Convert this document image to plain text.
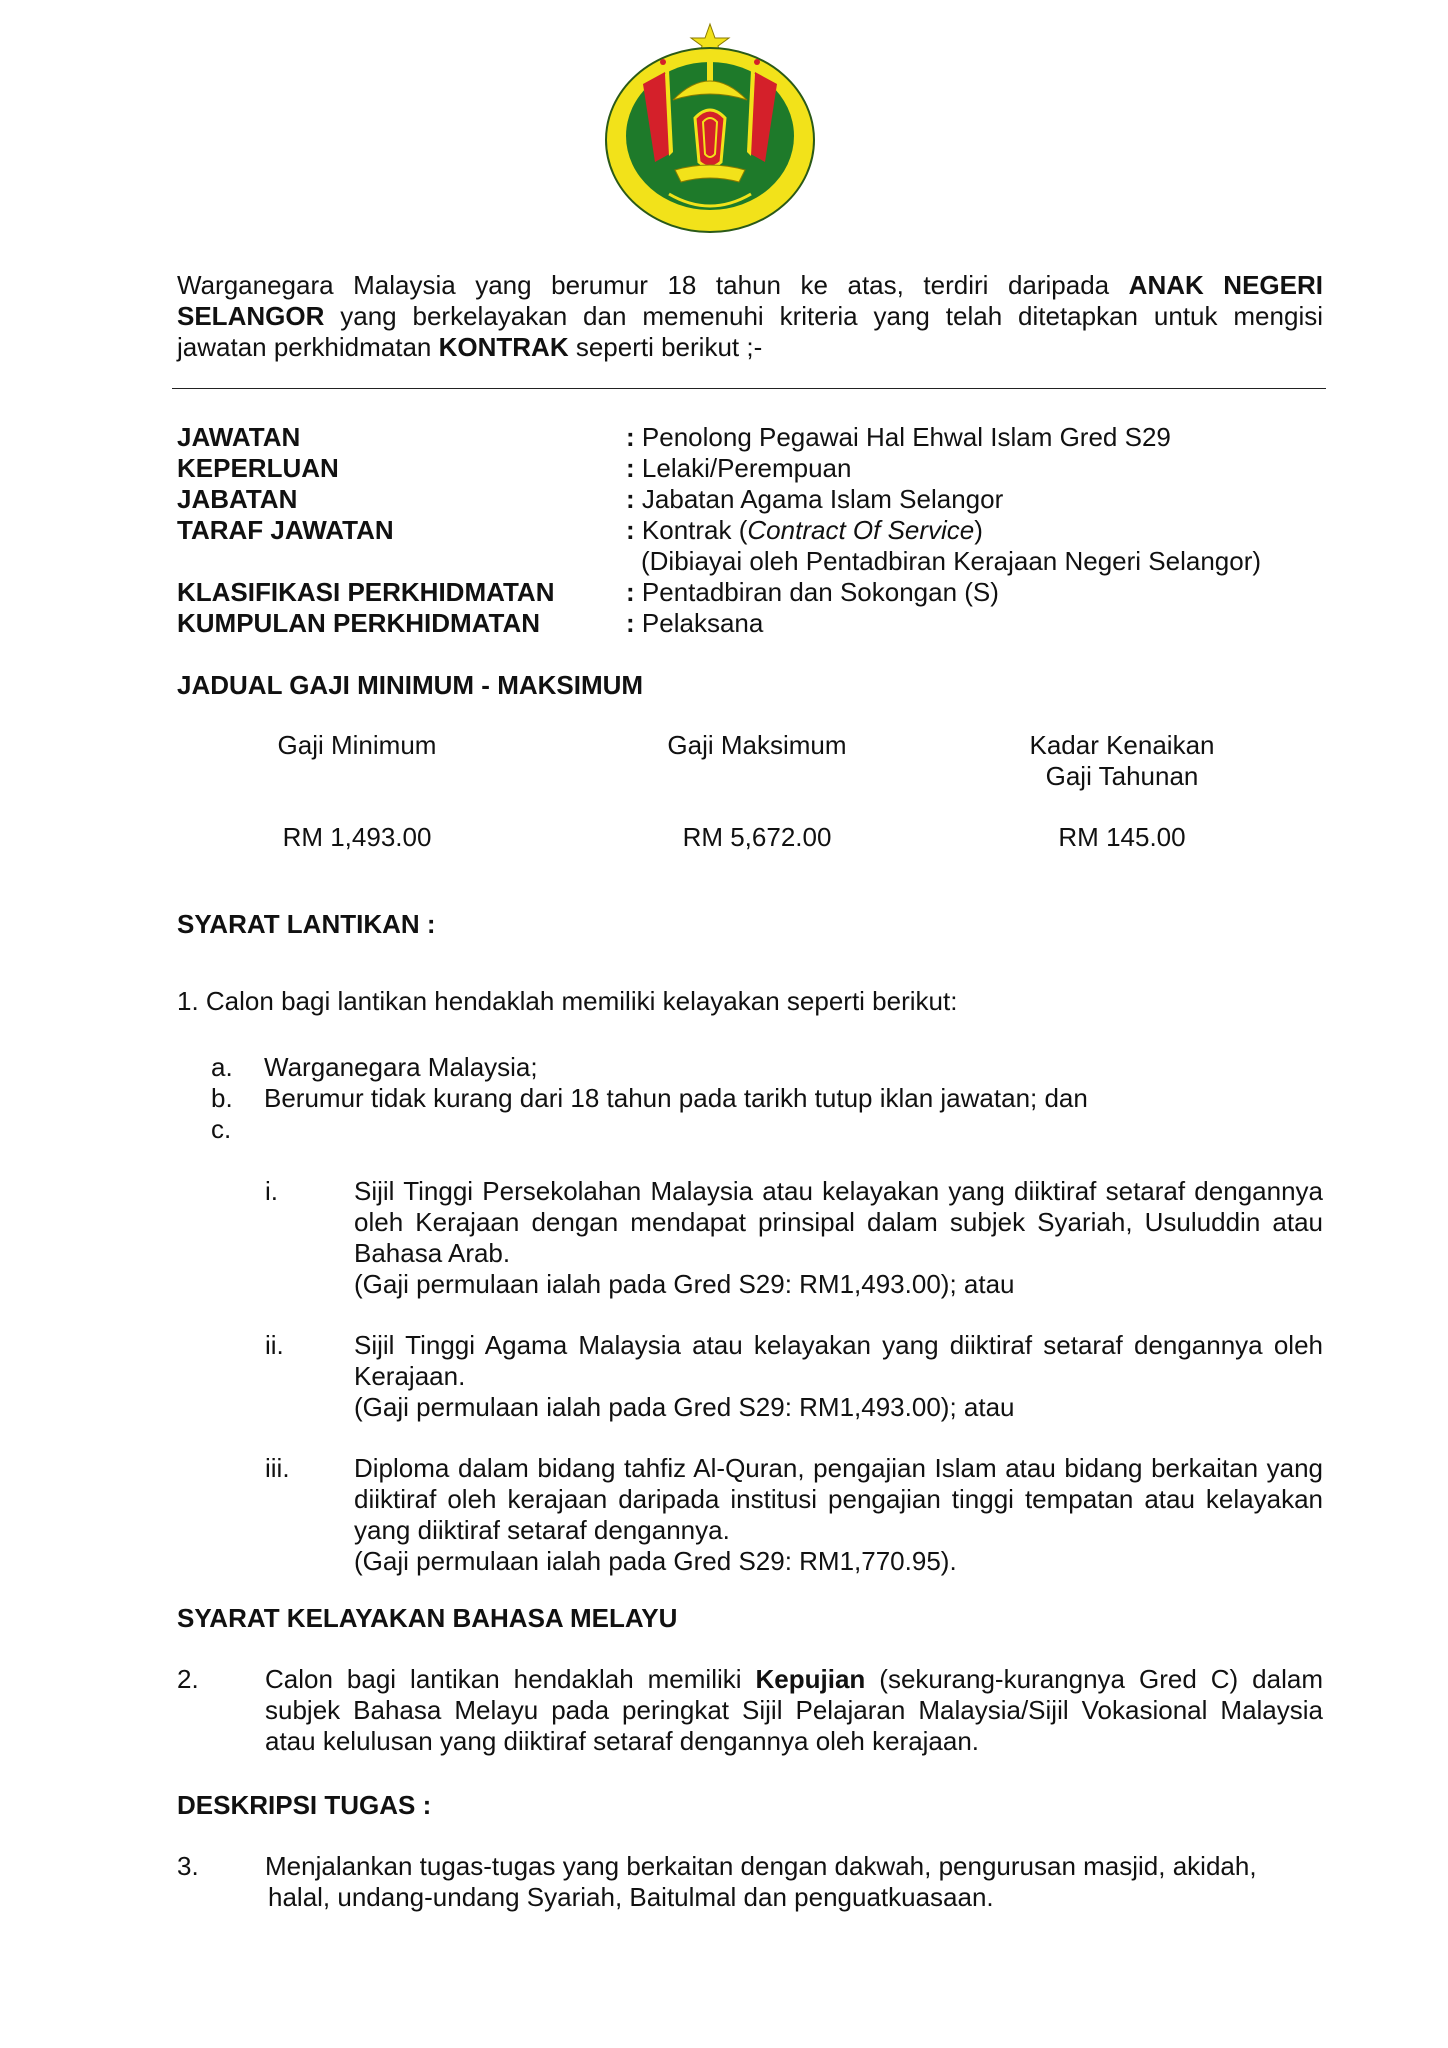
Warganegara Malaysia yang berumur 18 tahun ke atas, terdiri daripada ANAK NEGERI SELANGOR yang berkelayakan dan memenuhi kriteria yang telah ditetapkan untuk mengisi jawatan perkhidmatan KONTRAK seperti berikut ;-

JAWATAN	: Penolong Pegawai Hal Ehwal Islam Gred S29
KEPERLUAN	: Lelaki/Perempuan
JABATAN	: Jabatan Agama Islam Selangor
TARAF JAWATAN	: Kontrak (Contract Of Service)
(Dibiayai oleh Pentadbiran Kerajaan Negeri Selangor)
KLASIFIKASI PERKHIDMATAN	: Pentadbiran dan Sokongan (S)
KUMPULAN PERKHIDMATAN	: Pelaksana
JADUAL GAJI MINIMUM - MAKSIMUM
Gaji Minimum	Gaji Maksimum	Kadar Kenaikan
Gaji Tahunan
RM 1,493.00	RM 5,672.00	RM 145.00
SYARAT LANTIKAN :
1. Calon bagi lantikan hendaklah memiliki kelayakan seperti berikut:
a. Warganegara Malaysia;
b. Berumur tidak kurang dari 18 tahun pada tarikh tutup iklan jawatan; dan
c.
i.	Sijil Tinggi Persekolahan Malaysia atau kelayakan yang diiktiraf setaraf dengannya oleh Kerajaan dengan mendapat prinsipal dalam subjek Syariah, Usuluddin atau Bahasa Arab.

(Gaji permulaan ialah pada Gred S29: RM1,493.00); atau

ii.	Sijil Tinggi Agama Malaysia atau kelayakan yang diiktiraf setaraf dengannya oleh Kerajaan.

(Gaji permulaan ialah pada Gred S29: RM1,493.00); atau

iii. Diploma dalam bidang tahfiz Al-Quran, pengajian Islam atau bidang berkaitan yang diiktiraf oleh kerajaan daripada institusi pengajian tinggi tempatan atau kelayakan yang diiktiraf setaraf dengannya.

(Gaji permulaan ialah pada Gred S29: RM1,770.95).

SYARAT KELAYAKAN BAHASA MELAYU
2.	Calon bagi lantikan hendaklah memiliki Kepujian (sekurang-kurangnya Gred C) dalam subjek Bahasa Melayu pada peringkat Sijil Pelajaran Malaysia/Sijil Vokasional Malaysia atau kelulusan yang diiktiraf setaraf dengannya oleh kerajaan.
DESKRIPSI TUGAS :
3.	Menjalankan tugas-tugas yang berkaitan dengan dakwah, pengurusan masjid, akidah,
halal, undang-undang Syariah, Baitulmal dan penguatkuasaan.
